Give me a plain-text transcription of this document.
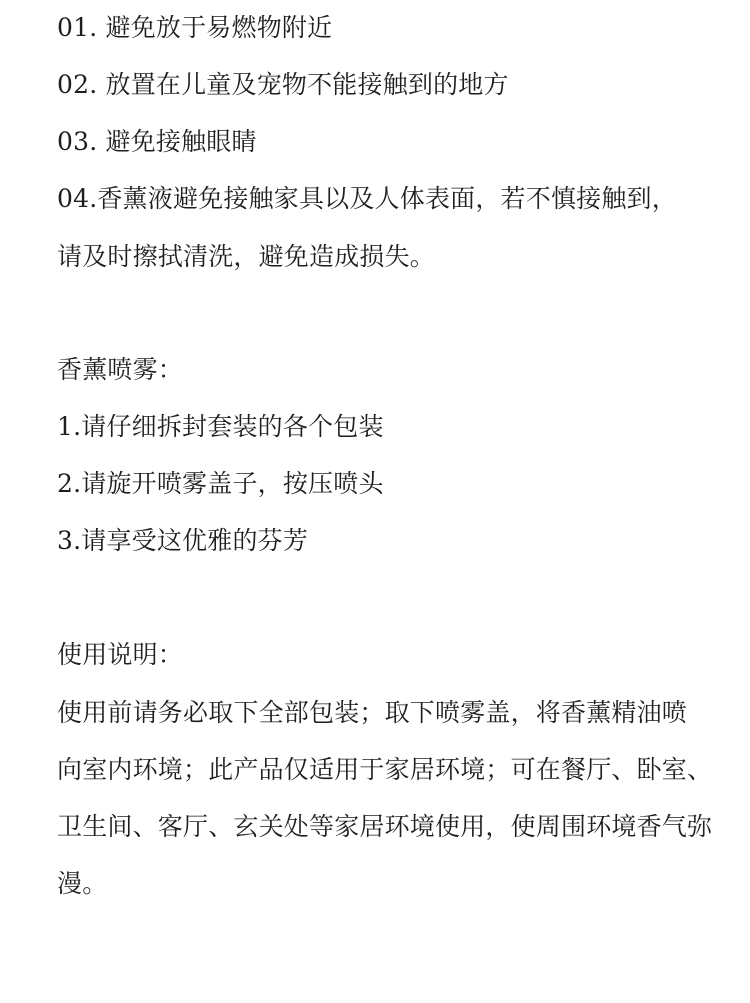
01. 避免放于易燃物附近
02. 放置在儿童及宠物不能接触到的地方
03. 避免接触眼睛
04.香薰液避免接触家具以及人体表面，若不慎接触到，
请及时擦拭清洗，避免造成损失。
香薰喷雾：
1.请仔细拆封套装的各个包装
2.请旋开喷雾盖子，按压喷头
3.请享受这优雅的芬芳
使用说明：
使用前请务必取下全部包装；取下喷雾盖，将香薰精油喷
向室内环境；此产品仅适用于家居环境；可在餐厅、卧室、
卫生间、客厅、玄关处等家居环境使用，使周围环境香气弥
漫。
